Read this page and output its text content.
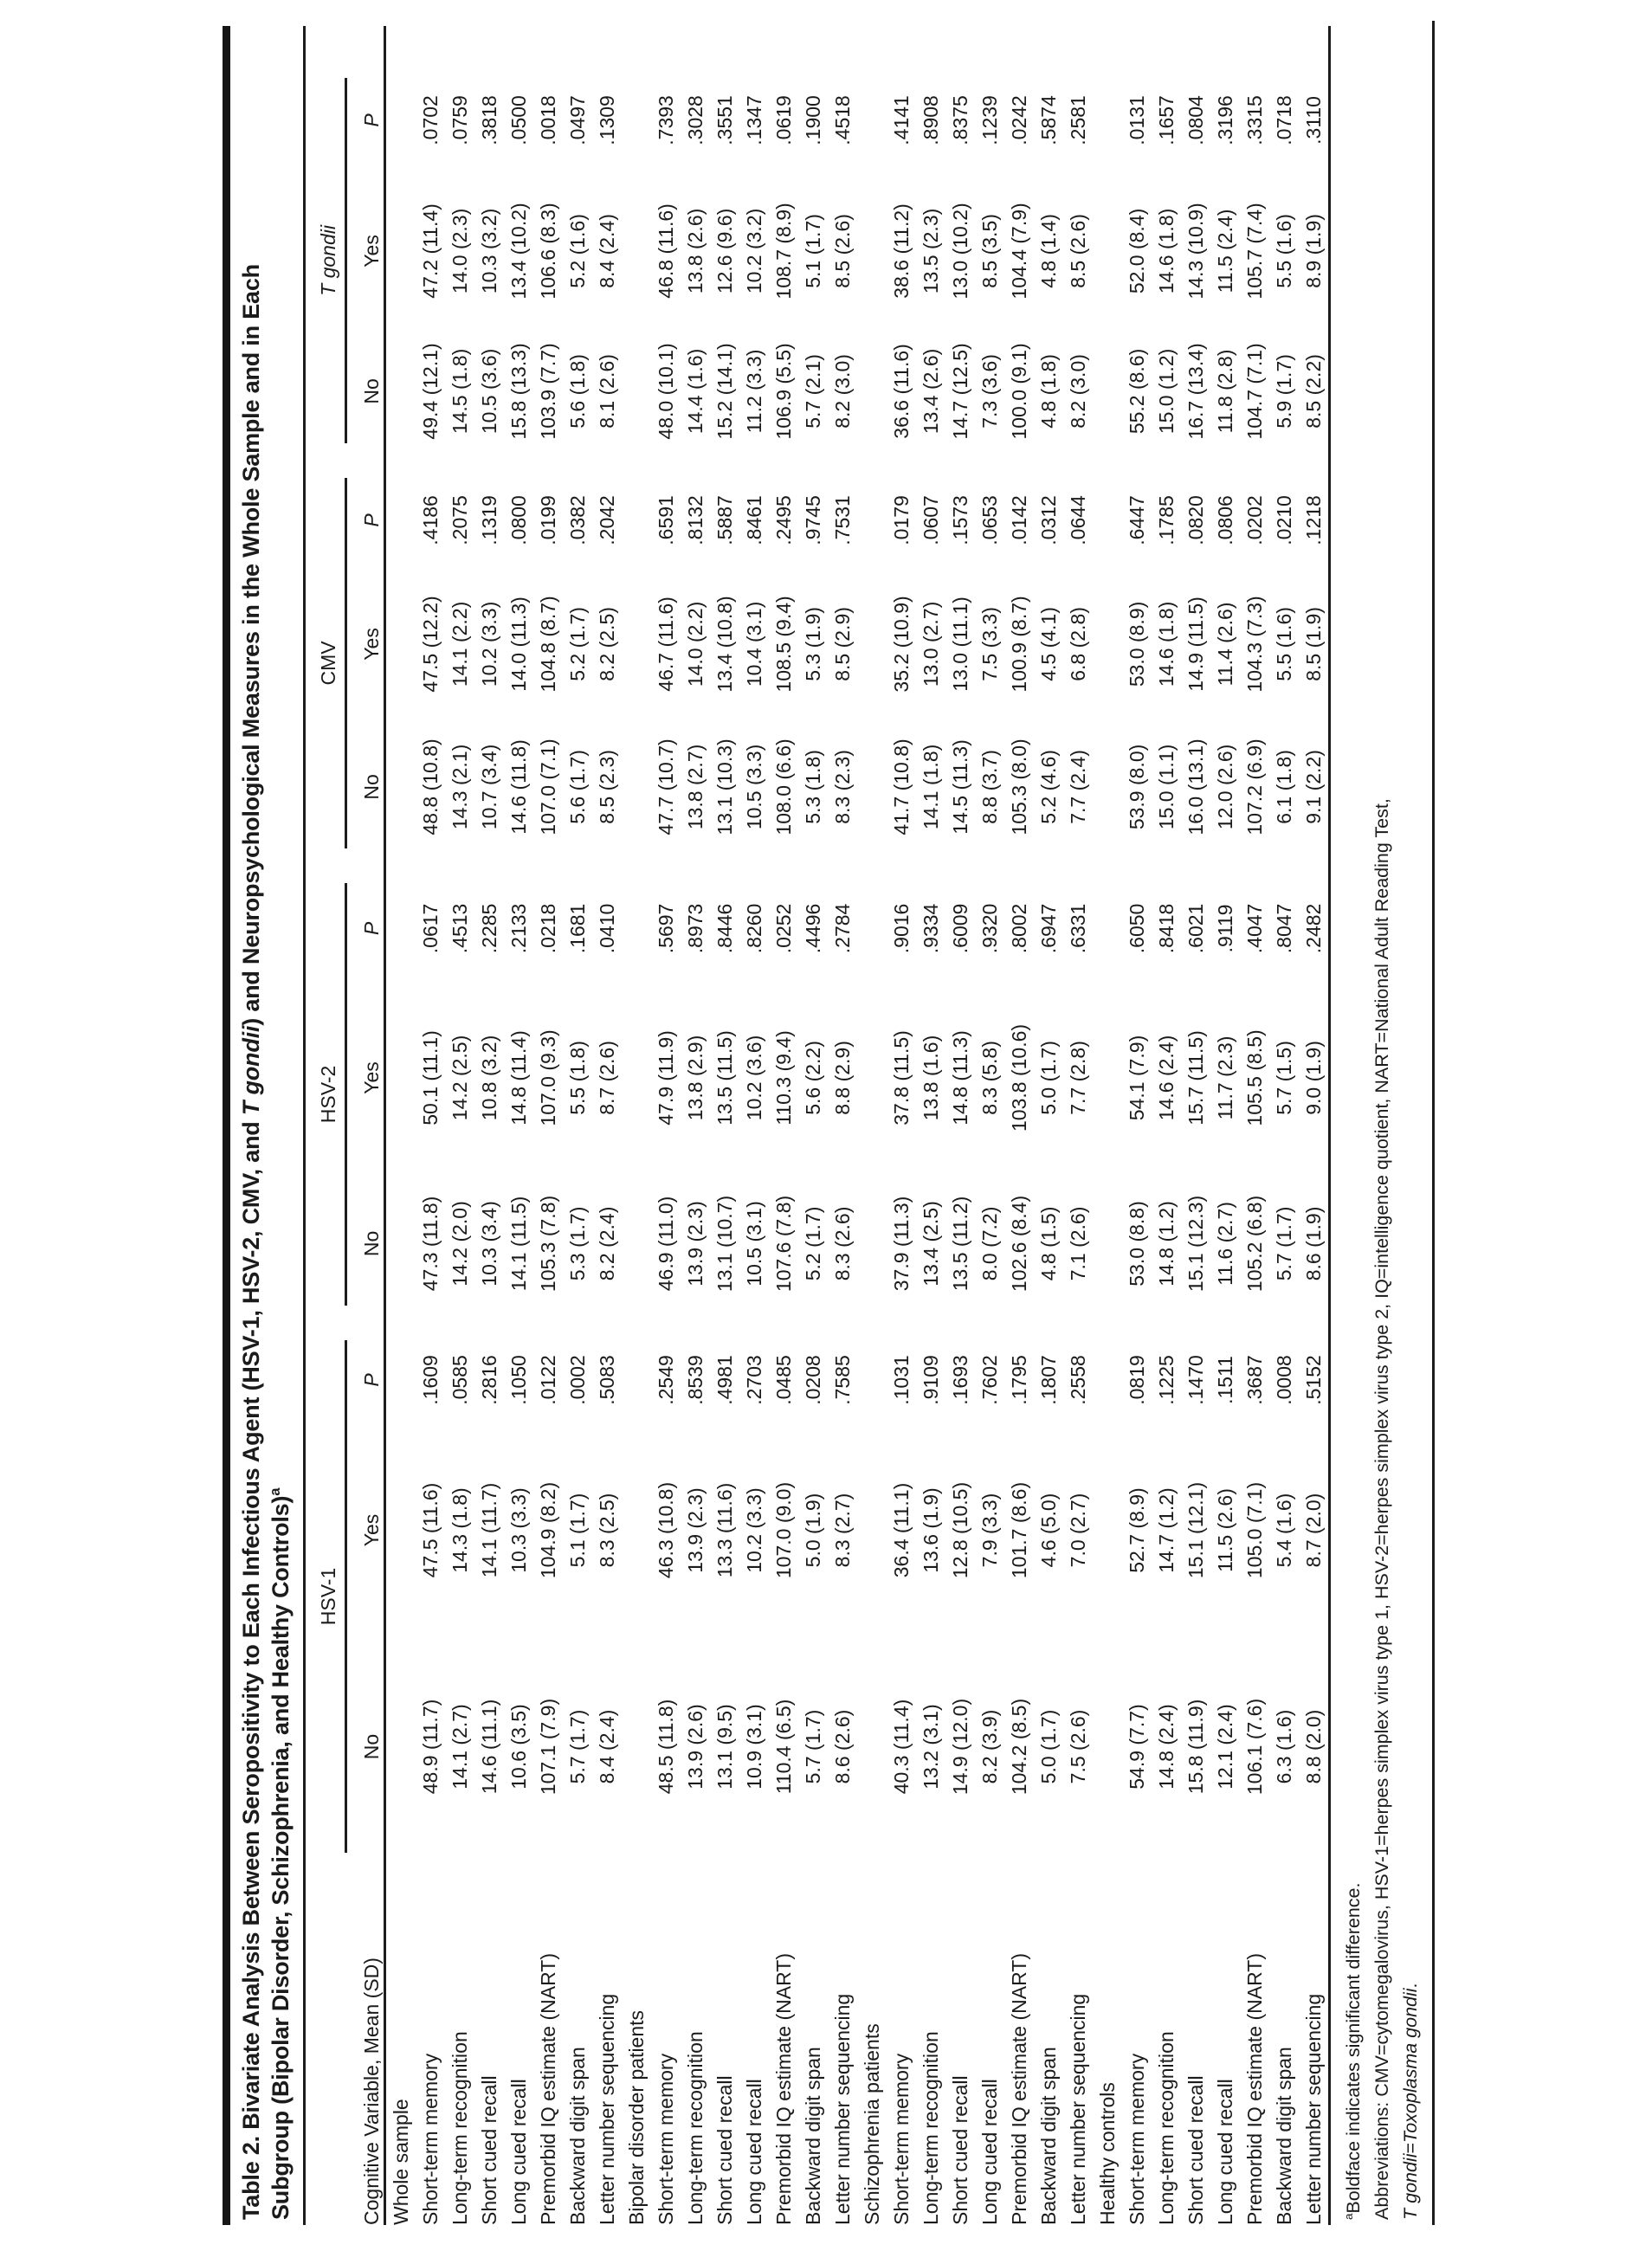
Table 2. Bivariate Analysis Between Seropositivity to Each Infectious Agent (HSV-1, HSV-2, CMV, and T gondii) and Neuropsychological Measures in the Whole Sample and in Each
Subgroup (Bipolar Disorder, Schizophrenia, and Healthy Controls)$^a$
Cognitive Variable, Mean (SD)	HSV-1			HSV-2			CMV			T gondii			

	No	Yes	P	No	Yes	P	No	Yes	P	No	Yes	P	
Whole sample													
Short-term memory	48.9 (11.7)	47.5 (11.6)	.1609	47.3 (11.8)	50.1 (11.1)	.0617	48.8 (10.8)	47.5 (12.2)	.4186	49.4 (12.1)	47.2 (11.4)	.0702	
Long-term recognition	14.1 (2.7)	14.3 (1.8)	.0585	14.2 (2.0)	14.2 (2.5)	.4513	14.3 (2.1)	14.1 (2.2)	.2075	14.5 (1.8)	14.0 (2.3)	.0759	
Short cued recall	14.6 (11.1)	14.1 (11.7)	.2816	10.3 (3.4)	10.8 (3.2)	.2285	10.7 (3.4)	10.2 (3.3)	.1319	10.5 (3.6)	10.3 (3.2)	.3818	
Long cued recall	10.6 (3.5)	10.3 (3.3)	.1050	14.1 (11.5)	14.8 (11.4)	.2133	14.6 (11.8)	14.0 (11.3)	.0800	15.8 (13.3)	13.4 (10.2)	.0500	
Premorbid IQ estimate (NART)	107.1 (7.9)	104.9 (8.2)	.0122	105.3 (7.8)	107.0 (9.3)	.0218	107.0 (7.1)	104.8 (8.7)	.0199	103.9 (7.7)	106.6 (8.3)	.0018	
Backward digit span	5.7 (1.7)	5.1 (1.7)	.0002	5.3 (1.7)	5.5 (1.8)	.1681	5.6 (1.7)	5.2 (1.7)	.0382	5.6 (1.8)	5.2 (1.6)	.0497	
Letter number sequencing	8.4 (2.4)	8.3 (2.5)	.5083	8.2 (2.4)	8.7 (2.6)	.0410	8.5 (2.3)	8.2 (2.5)	.2042	8.1 (2.6)	8.4 (2.4)	.1309	
Bipolar disorder patients													
Short-term memory	48.5 (11.8)	46.3 (10.8)	.2549	46.9 (11.0)	47.9 (11.9)	.5697	47.7 (10.7)	46.7 (11.6)	.6591	48.0 (10.1)	46.8 (11.6)	.7393	
Long-term recognition	13.9 (2.6)	13.9 (2.3)	.8539	13.9 (2.3)	13.8 (2.9)	.8973	13.8 (2.7)	14.0 (2.2)	.8132	14.4 (1.6)	13.8 (2.6)	.3028	
Short cued recall	13.1 (9.5)	13.3 (11.6)	.4981	13.1 (10.7)	13.5 (11.5)	.8446	13.1 (10.3)	13.4 (10.8)	.5887	15.2 (14.1)	12.6 (9.6)	.3551	
Long cued recall	10.9 (3.1)	10.2 (3.3)	.2703	10.5 (3.1)	10.2 (3.6)	.8260	10.5 (3.3)	10.4 (3.1)	.8461	11.2 (3.3)	10.2 (3.2)	.1347	
Premorbid IQ estimate (NART)	110.4 (6.5)	107.0 (9.0)	.0485	107.6 (7.8)	110.3 (9.4)	.0252	108.0 (6.6)	108.5 (9.4)	.2495	106.9 (5.5)	108.7 (8.9)	.0619	
Backward digit span	5.7 (1.7)	5.0 (1.9)	.0208	5.2 (1.7)	5.6 (2.2)	.4496	5.3 (1.8)	5.3 (1.9)	.9745	5.7 (2.1)	5.1 (1.7)	.1900	
Letter number sequencing	8.6 (2.6)	8.3 (2.7)	.7585	8.3 (2.6)	8.8 (2.9)	.2784	8.3 (2.3)	8.5 (2.9)	.7531	8.2 (3.0)	8.5 (2.6)	.4518	
Schizophrenia patients													
Short-term memory	40.3 (11.4)	36.4 (11.1)	.1031	37.9 (11.3)	37.8 (11.5)	.9016	41.7 (10.8)	35.2 (10.9)	.0179	36.6 (11.6)	38.6 (11.2)	.4141	
Long-term recognition	13.2 (3.1)	13.6 (1.9)	.9109	13.4 (2.5)	13.8 (1.6)	.9334	14.1 (1.8)	13.0 (2.7)	.0607	13.4 (2.6)	13.5 (2.3)	.8908	
Short cued recall	14.9 (12.0)	12.8 (10.5)	.1693	13.5 (11.2)	14.8 (11.3)	.6009	14.5 (11.3)	13.0 (11.1)	.1573	14.7 (12.5)	13.0 (10.2)	.8375	
Long cued recall	8.2 (3.9)	7.9 (3.3)	.7602	8.0 (7.2)	8.3 (5.8)	.9320	8.8 (3.7)	7.5 (3.3)	.0653	7.3 (3.6)	8.5 (3.5)	.1239	
Premorbid IQ estimate (NART)	104.2 (8.5)	101.7 (8.6)	.1795	102.6 (8.4)	103.8 (10.6)	.8002	105.3 (8.0)	100.9 (8.7)	.0142	100.0 (9.1)	104.4 (7.9)	.0242	
Backward digit span	5.0 (1.7)	4.6 (5.0)	.1807	4.8 (1.5)	5.0 (1.7)	.6947	5.2 (4.6)	4.5 (4.1)	.0312	4.8 (1.8)	4.8 (1.4)	.5874	
Letter number sequencing	7.5 (2.6)	7.0 (2.7)	.2558	7.1 (2.6)	7.7 (2.8)	.6331	7.7 (2.4)	6.8 (2.8)	.0644	8.2 (3.0)	8.5 (2.6)	.2581	
Healthy controls													
Short-term memory	54.9 (7.7)	52.7 (8.9)	.0819	53.0 (8.8)	54.1 (7.9)	.6050	53.9 (8.0)	53.0 (8.9)	.6447	55.2 (8.6)	52.0 (8.4)	.0131	
Long-term recognition	14.8 (2.4)	14.7 (1.2)	.1225	14.8 (1.2)	14.6 (2.4)	.8418	15.0 (1.1)	14.6 (1.8)	.1785	15.0 (1.2)	14.6 (1.8)	.1657	
Short cued recall	15.8 (11.9)	15.1 (12.1)	.1470	15.1 (12.3)	15.7 (11.5)	.6021	16.0 (13.1)	14.9 (11.5)	.0820	16.7 (13.4)	14.3 (10.9)	.0804	
Long cued recall	12.1 (2.4)	11.5 (2.6)	.1511	11.6 (2.7)	11.7 (2.3)	.9119	12.0 (2.6)	11.4 (2.6)	.0806	11.8 (2.8)	11.5 (2.4)	.3196	
Premorbid IQ estimate (NART)	106.1 (7.6)	105.0 (7.1)	.3687	105.2 (6.8)	105.5 (8.5)	.4047	107.2 (6.9)	104.3 (7.3)	.0202	104.7 (7.1)	105.7 (7.4)	.3315	
Backward digit span	6.3 (1.6)	5.4 (1.6)	.0008	5.7 (1.7)	5.7 (1.5)	.8047	6.1 (1.8)	5.5 (1.6)	.0210	5.9 (1.7)	5.5 (1.6)	.0718	
Letter number sequencing	8.8 (2.0)	8.7 (2.0)	.5152	8.6 (1.9)	9.0 (1.9)	.2482	9.1 (2.2)	8.5 (1.9)	.1218	8.5 (2.2)	8.9 (1.9)	.3110	
$^a$Boldface indicates significant difference. Abbreviations: CMV=cytomegalovirus, HSV-1=herpes simplex virus type 1, HSV-2=herpes simplex virus type 2, IQ=intelligence quotient, NART=National Adult Reading Test, T gondii=Toxoplasma gondii.
